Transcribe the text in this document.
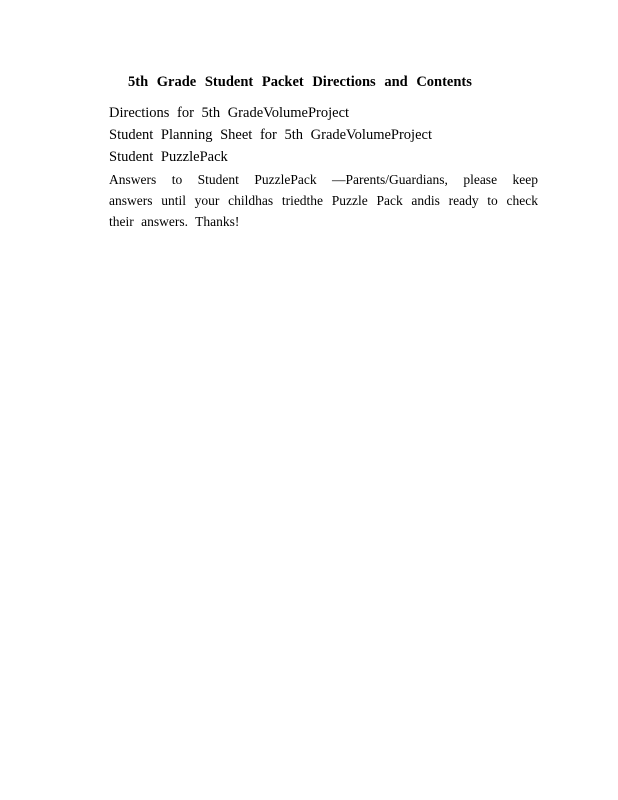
5th Grade Student Packet Directions and Contents
Directions for 5th GradeVolumeProject
Student Planning Sheet for 5th GradeVolumeProject
Student PuzzlePack
Answers to Student PuzzlePack —Parents/Guardians, please keep answers until your childhas triedthe Puzzle Pack andis ready to check their answers. Thanks!
